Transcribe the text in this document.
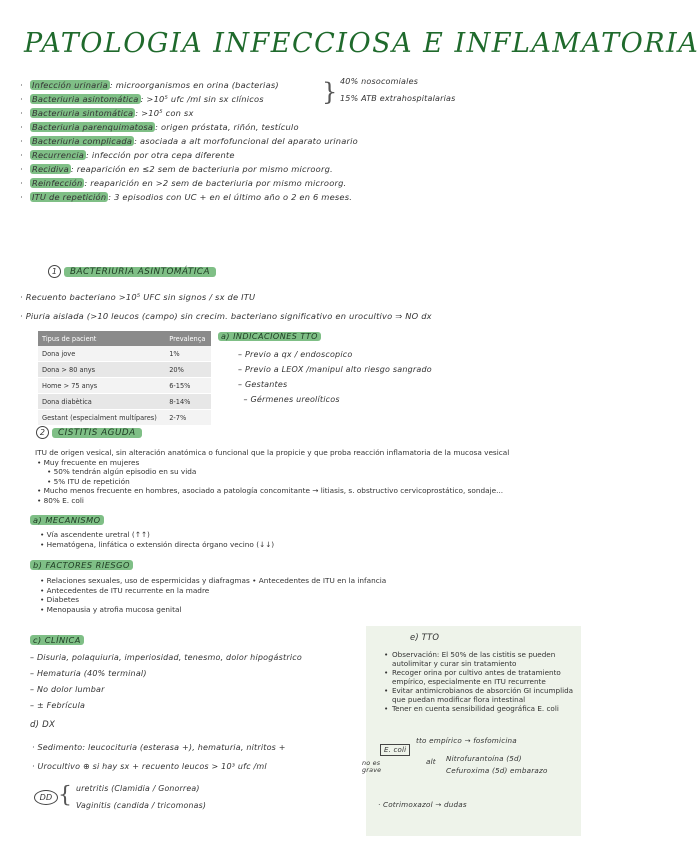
PATOLOGIA INFECCIOSA E INFLAMATORIA
· Infección urinaria : microorganismos en orina (bacterias)
· Bacteriuria asintomática : >10⁵ ufc /ml sin sx clínicos
· Bacteriuria sintomática : >10⁵ con sx
· Bacteriuria parenquimatosa : origen próstata, riñón, testículo
· Bacteriuria complicada : asociada a alt morfofuncional del aparato urinario
· Recurrencia : infección por otra cepa diferente
· Recidiva : reaparición en ≤2 sem de bacteriuria por mismo microorg.
· Reinfección : reaparición en >2 sem de bacteriuria por mismo microorg.
· ITU de repetición : 3 episodios con UC + en el último año o 2 en 6 meses.
} 40% nosocomiales
15% ATB extrahospitalarias
1 BACTERIURIA ASINTOMÁTICA
· Recuento bacteriano >10⁵ UFC sin signos / sx de ITU
· Piuria aislada (>10 leucos (campo) sin crecim. bacteriano significativo en urocultivo ⇒ NO dx
Tipus de pacient	Prevalença
Dona jove	1%
Dona > 80 anys	20%
Home > 75 anys	6-15%
Dona diabètica	8-14%
Gestant (especialment multípares)	2-7%
a) INDICACIONES TTO
– Previo a qx / endoscopico
– Previo a LEOX /manipul alto riesgo sangrado
– Gestantes
– Gérmenes ureolíticos
2 CISTITIS AGUDA
ITU de origen vesical, sin alteración anatómica o funcional que la propicie y que proba reacción inflamatoria de la mucosa vesical
• Muy frecuente en mujeres
• 50% tendrán algún episodio en su vida
• 5% ITU de repetición
• Mucho menos frecuente en hombres, asociado a patología concomitante → litiasis, s. obstructivo cervicoprostático, sondaje...
• 80% E. coli
a) MECANISMO
• Vía ascendente uretral (↑↑)
• Hematógena, linfática o extensión directa órgano vecino (↓↓)
b) FACTORES RIESGO
• Relaciones sexuales, uso de espermicidas y diafragmas • Antecedentes de ITU en la infancia
• Antecedentes de ITU recurrente en la madre
• Diabetes
• Menopausia y atrofia mucosa genital
c) CLÍNICA
– Disuria, polaquiuria, imperiosidad, tenesmo, dolor hipogástrico
– Hematuria (40% terminal)
– No dolor lumbar
– ± Febrícula
d) DX
· Sedimento: leucocituria (esterasa +), hematuria, nitritos +
· Urocultivo ⊕ si hay sx + recuento leucos > 10³ ufc /ml
DD { uretritis (Clamidia / Gonorrea)
Vaginitis (candida / tricomonas)
e) TTO
• Observación: El 50% de las cistitis se pueden autolimitar y curar sin tratamiento
• Recoger orina por cultivo antes de tratamiento empírico, especialmente en ITU recurrente
• Evitar antimicrobianos de absorción GI incumplida que puedan modificar flora intestinal
• Tener en cuenta sensibilidad geográfica E. coli
tto empírico → fosfomicina
E. coli
no es grave
alt Nitrofurantoína (5d)
Cefuroxima (5d) embarazo
· Cotrimoxazol → dudas
